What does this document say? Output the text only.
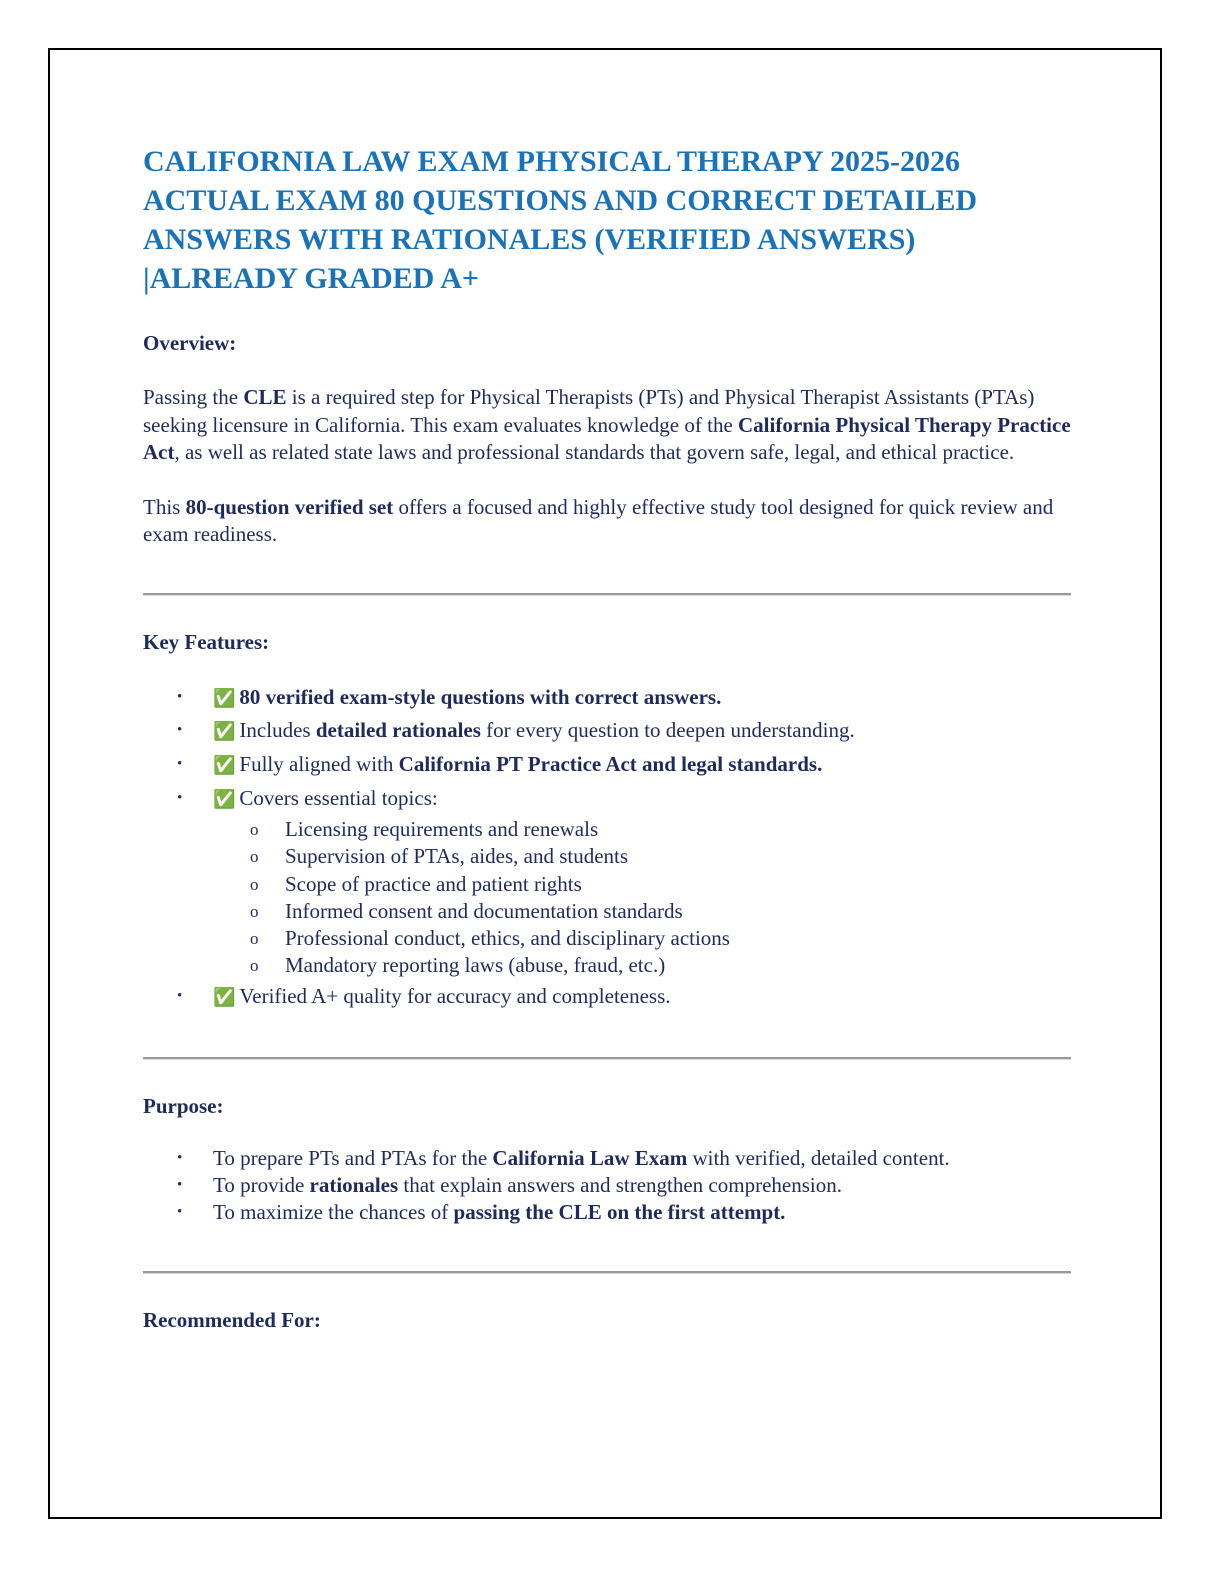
CALIFORNIA LAW EXAM PHYSICAL THERAPY 2025-2026 ACTUAL EXAM 80 QUESTIONS AND CORRECT DETAILED ANSWERS WITH RATIONALES (VERIFIED ANSWERS) |ALREADY GRADED A+
Overview:

Passing the CLE is a required step for Physical Therapists (PTs) and Physical Therapist Assistants (PTAs) seeking licensure in California. This exam evaluates knowledge of the California Physical Therapy Practice Act, as well as related state laws and professional standards that govern safe, legal, and ethical practice.

This 80-question verified set offers a focused and highly effective study tool designed for quick review and exam readiness.

Key Features:
• ✅ 80 verified exam-style questions with correct answers.
• ✅ Includes detailed rationales for every question to deepen understanding.
• ✅ Fully aligned with California PT Practice Act and legal standards.
• ✅ Covers essential topics:
o Licensing requirements and renewals
o Supervision of PTAs, aides, and students
o Scope of practice and patient rights
o Informed consent and documentation standards
o Professional conduct, ethics, and disciplinary actions
o Mandatory reporting laws (abuse, fraud, etc.)
• ✅ Verified A+ quality for accuracy and completeness.
Purpose:
• To prepare PTs and PTAs for the California Law Exam with verified, detailed content.
• To provide rationales that explain answers and strengthen comprehension.
• To maximize the chances of passing the CLE on the first attempt.
Recommended For:
